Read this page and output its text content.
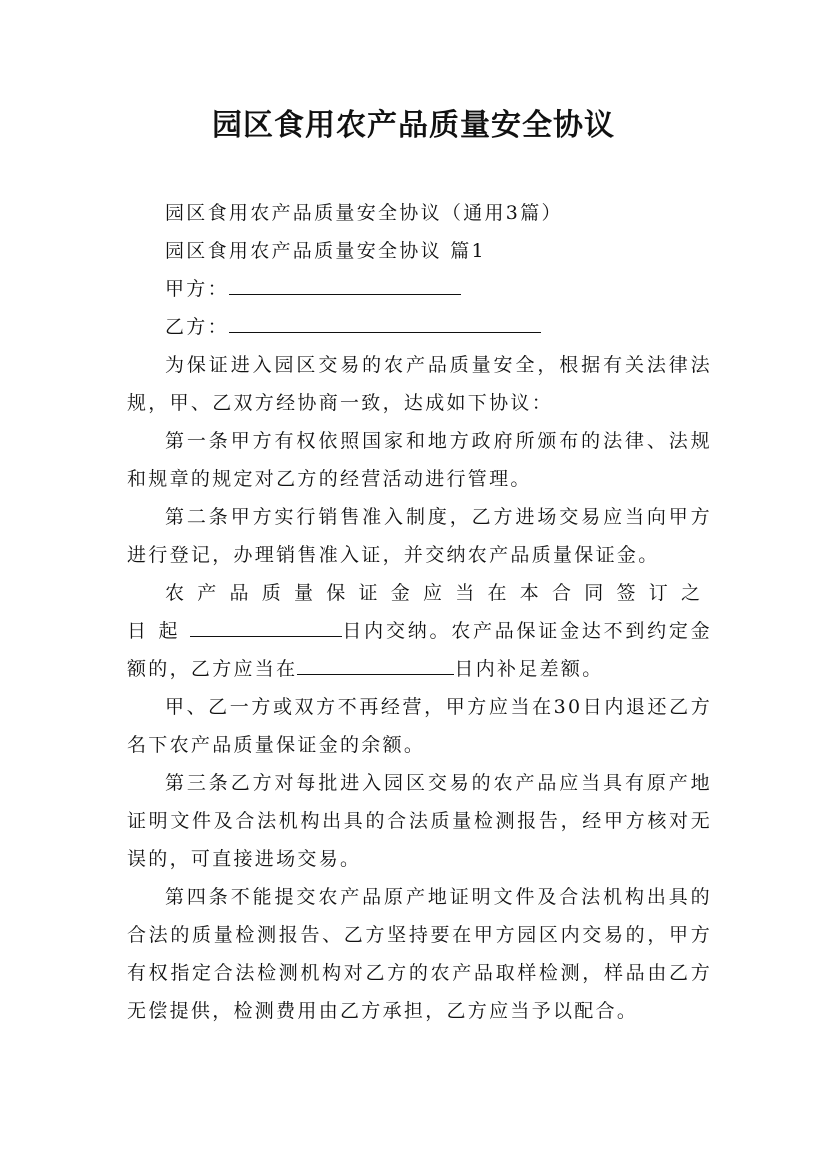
园区食用农产品质量安全协议

园区食用农产品质量安全协议（通用3篇）

园区食用农产品质量安全协议 篇1

甲方：

乙方：

为保证进入园区交易的农产品质量安全，根据有关法律法规，甲、乙双方经协商一致，达成如下协议：

第一条甲方有权依照国家和地方政府所颁布的法律、法规和规章的规定对乙方的经营活动进行管理。

第二条甲方实行销售准入制度，乙方进场交易应当向甲方进行登记，办理销售准入证，并交纳农产品质量保证金。

农产品质量保证金应当在本合同签订之日起	日内交纳。农产品保证金达不到约定金额的，乙方应当在	日内补足差额。

甲、乙一方或双方不再经营，甲方应当在30日内退还乙方名下农产品质量保证金的余额。

第三条乙方对每批进入园区交易的农产品应当具有原产地证明文件及合法机构出具的合法质量检测报告，经甲方核对无误的，可直接进场交易。

第四条不能提交农产品原产地证明文件及合法机构出具的合法的质量检测报告、乙方坚持要在甲方园区内交易的，甲方有权指定合法检测机构对乙方的农产品取样检测，样品由乙方无偿提供，检测费用由乙方承担，乙方应当予以配合。
